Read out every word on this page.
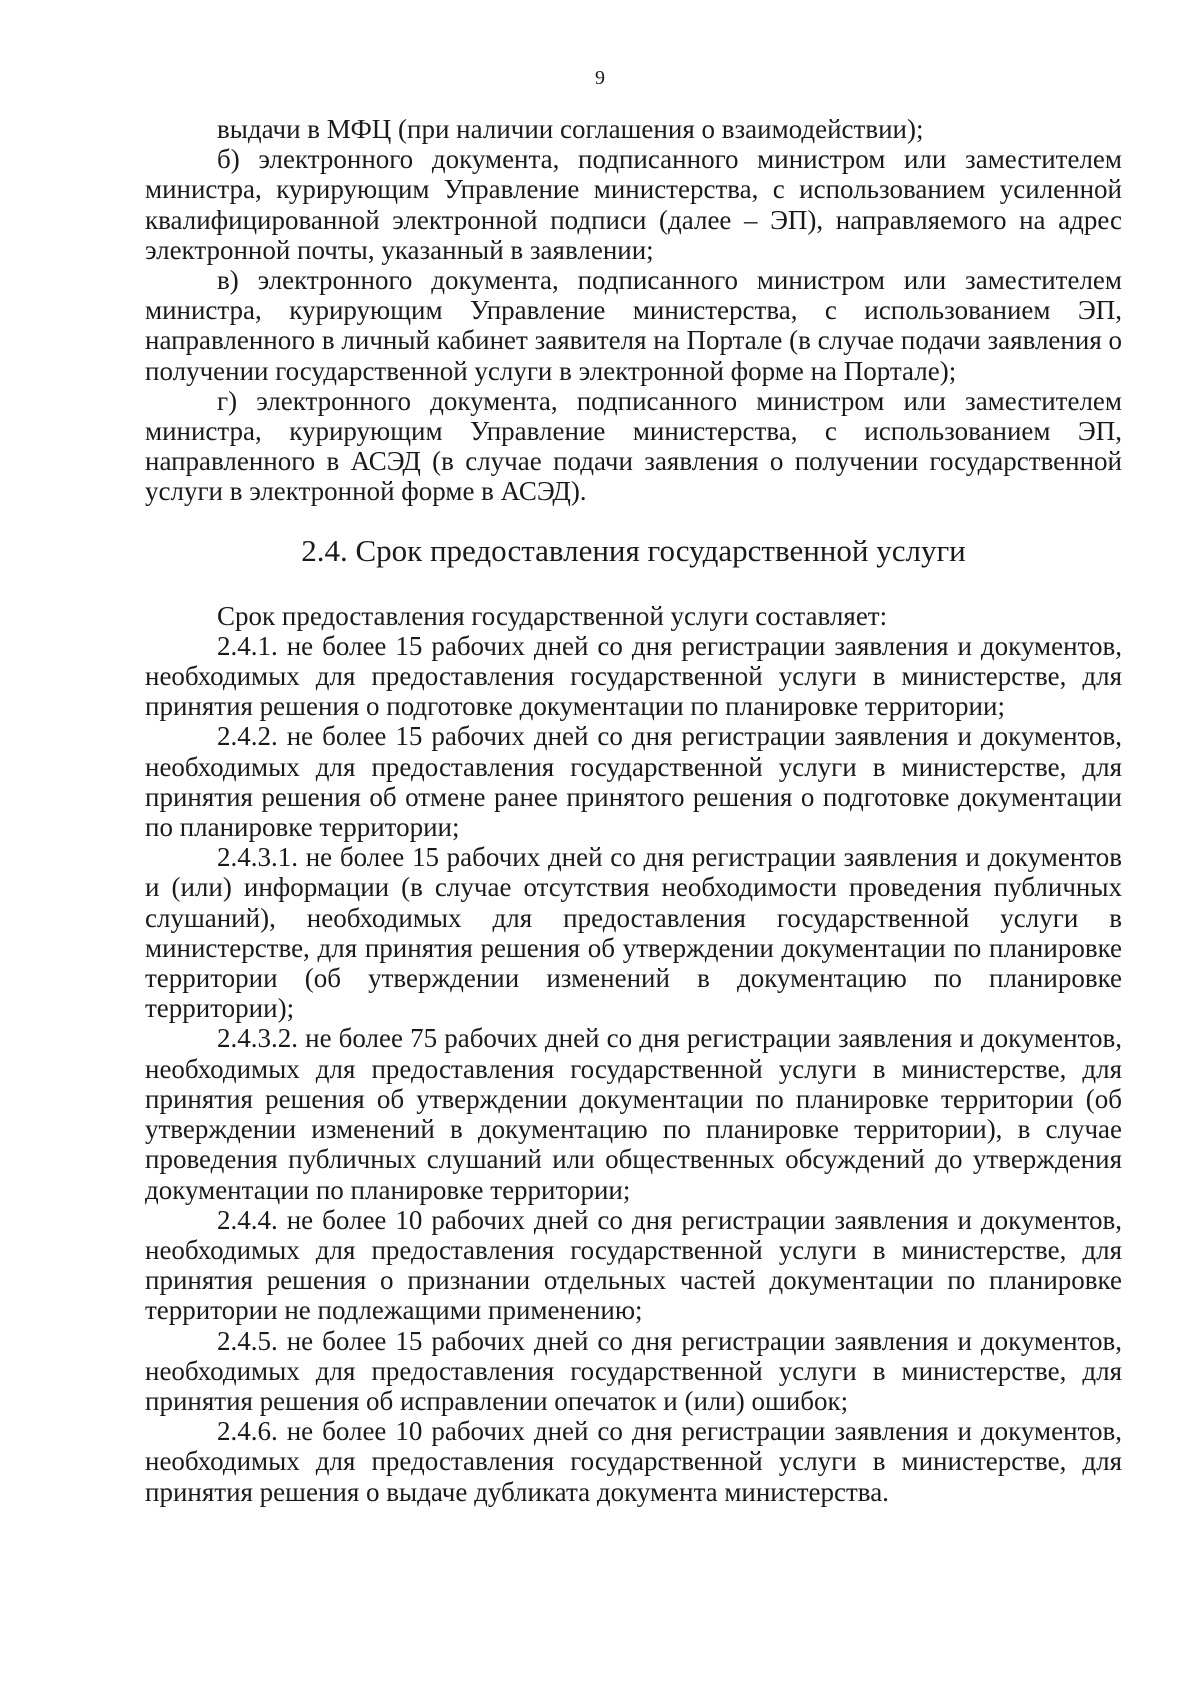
9

выдачи в МФЦ (при наличии соглашения о взаимодействии);

б) электронного документа, подписанного министром или заместителем министра, курирующим Управление министерства, с использованием усиленной квалифицированной электронной подписи (далее – ЭП), направляемого на адрес электронной почты, указанный в заявлении;

в) электронного документа, подписанного министром или заместителем министра, курирующим Управление министерства, с использованием ЭП, направленного в личный кабинет заявителя на Портале (в случае подачи заявления о получении государственной услуги в электронной форме на Портале);

г) электронного документа, подписанного министром или заместителем министра, курирующим Управление министерства, с использованием ЭП, направленного в АСЭД (в случае подачи заявления о получении государственной услуги в электронной форме в АСЭД).

2.4. Срок предоставления государственной услуги

Срок предоставления государственной услуги составляет:

2.4.1. не более 15 рабочих дней со дня регистрации заявления и документов, необходимых для предоставления государственной услуги в министерстве, для принятия решения о подготовке документации по планировке территории;

2.4.2. не более 15 рабочих дней со дня регистрации заявления и документов, необходимых для предоставления государственной услуги в министерстве, для принятия решения об отмене ранее принятого решения о подготовке документации по планировке территории;

2.4.3.1. не более 15 рабочих дней со дня регистрации заявления и документов и (или) информации (в случае отсутствия необходимости проведения публичных слушаний), необходимых для предоставления государственной услуги в министерстве, для принятия решения об утверждении документации по планировке территории (об утверждении изменений в документацию по планировке территории);

2.4.3.2. не более 75 рабочих дней со дня регистрации заявления и документов, необходимых для предоставления государственной услуги в министерстве, для принятия решения об утверждении документации по планировке территории (об утверждении изменений в документацию по планировке территории), в случае проведения публичных слушаний или общественных обсуждений до утверждения документации по планировке территории;

2.4.4. не более 10 рабочих дней со дня регистрации заявления и документов, необходимых для предоставления государственной услуги в министерстве, для принятия решения о признании отдельных частей документации по планировке территории не подлежащими применению;

2.4.5. не более 15 рабочих дней со дня регистрации заявления и документов, необходимых для предоставления государственной услуги в министерстве, для принятия решения об исправлении опечаток и (или) ошибок;

2.4.6. не более 10 рабочих дней со дня регистрации заявления и документов, необходимых для предоставления государственной услуги в министерстве, для принятия решения о выдаче дубликата документа министерства.
